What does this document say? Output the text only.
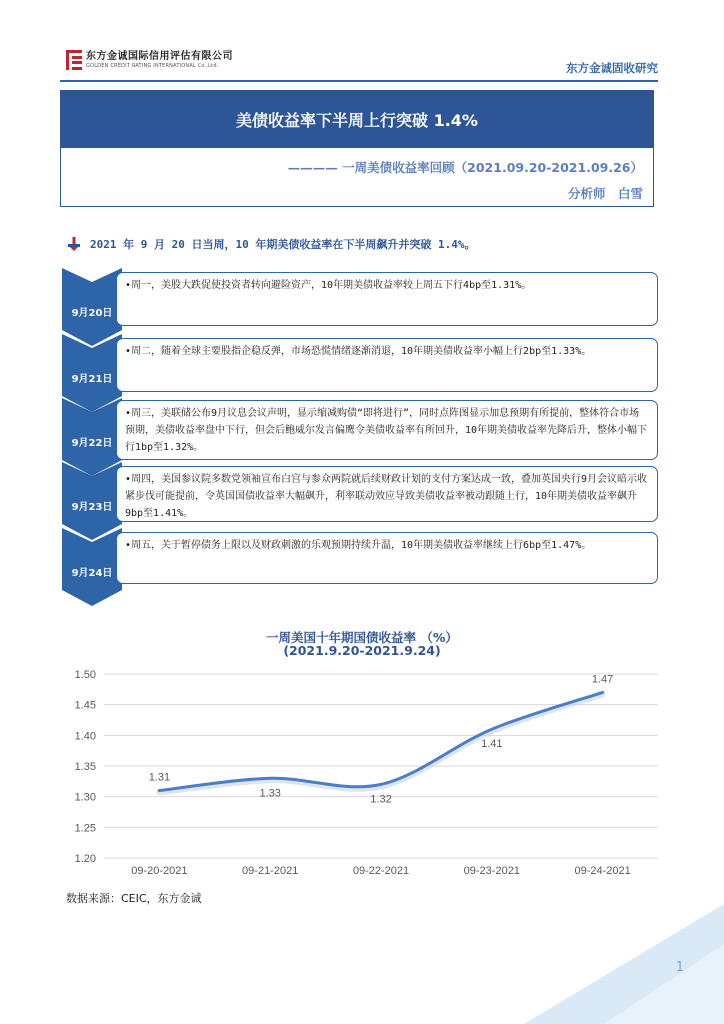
东方金诚国际信用评估有限公司
GOLDEN CREDIT RATING INTERNATIONAL Co.,Ltd.	东方金诚固收研究
美债收益率下半周上行突破 1.4%
———— 一周美债收益率回顾（2021.09.20-2021.09.26）
分析师　白雪
2021 年 9 月 20 日当周，10 年期美债收益率在下半周飙升并突破 1.4%。
9月20日
•周一，美股大跌促使投资者转向避险资产，10年期美债收益率较上周五下行4bp至1.31%。
9月21日
•周二，随着全球主要股指企稳反弹，市场恐慌情绪逐渐消退，10年期美债收益率小幅上行2bp至1.33%。
9月22日
•周三，美联储公布9月议息会议声明，显示缩减购债“即将进行”，同时点阵图显示加息预期有所提前，整体符合市场预期，美债收益率盘中下行，但会后鲍威尔发言偏鹰令美债收益率有所回升，10年期美债收益率先降后升，整体小幅下行1bp至1.32%。
9月23日
•周四，美国参议院多数党领袖宣布白宫与参众两院就后续财政计划的支付方案达成一致，叠加英国央行9月会议暗示收紧步伐可能提前，令英国国债收益率大幅飙升，利率联动效应导致美债收益率被动跟随上行，10年期美债收益率飙升9bp至1.41%。
9月24日
•周五，关于暂停债务上限以及财政刺激的乐观预期持续升温，10年期美债收益率继续上行6bp至1.47%。
一周美国十年期国债收益率 （%）
(2021.9.20-2021.9.24)
1.50
1.45
1.40
1.35
1.30
1.25
1.20
09-20-2021	09-21-2021	09-22-2021	09-23-2021	09-24-2021
1.31
1.33
1.32
1.41
1.47
数据来源：CEIC，东方金诚
1
